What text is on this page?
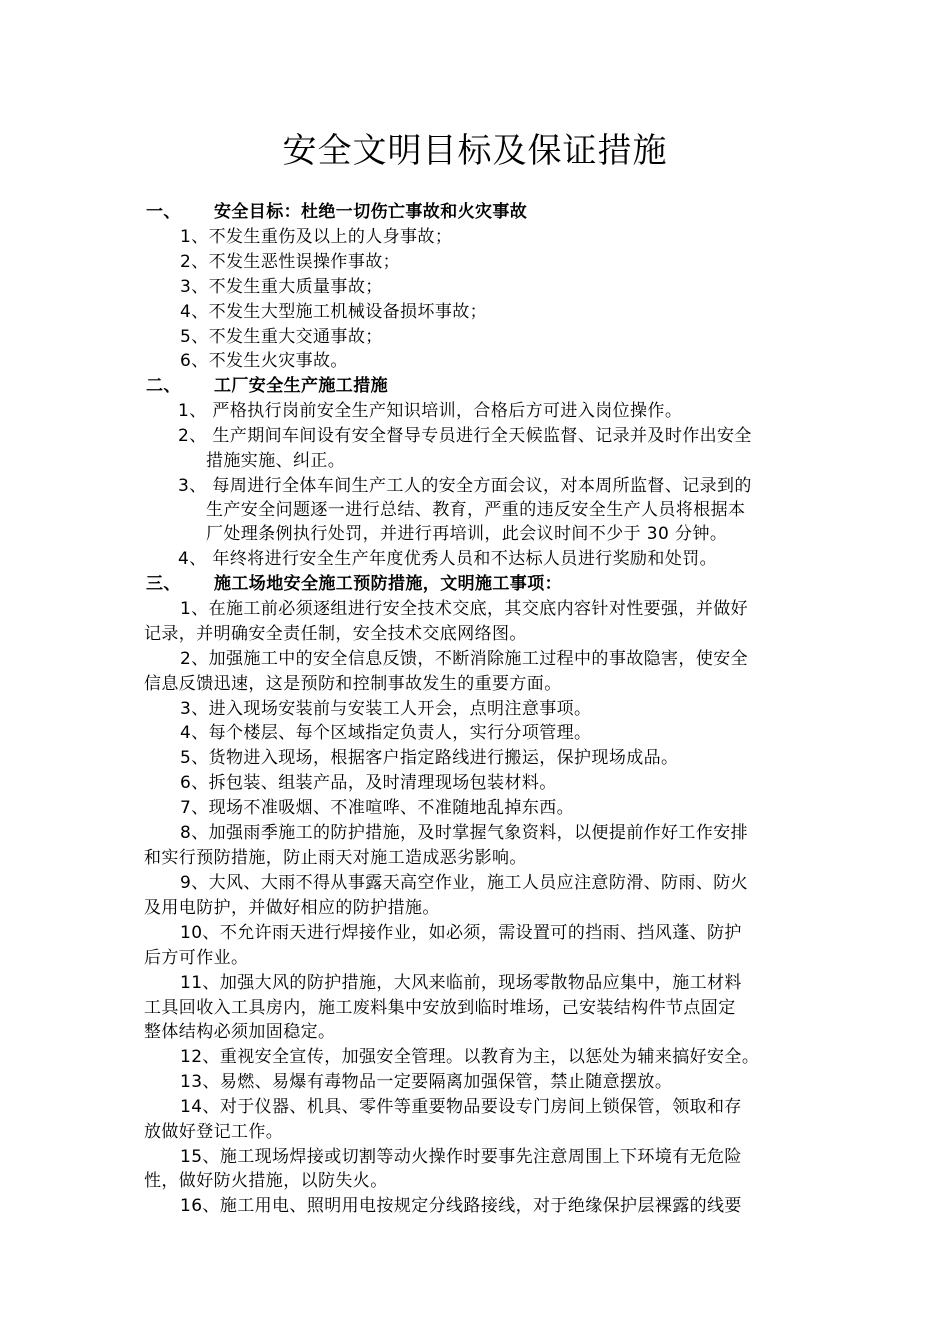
安全文明目标及保证措施
一、 安全目标：杜绝一切伤亡事故和火灾事故
1、不发生重伤及以上的人身事故；
2、不发生恶性误操作事故；
3、不发生重大质量事故；
4、不发生大型施工机械设备损坏事故；
5、不发生重大交通事故；
6、不发生火灾事故。
二、 工厂安全生产施工措施
1、 严格执行岗前安全生产知识培训，合格后方可进入岗位操作。
2、 生产期间车间设有安全督导专员进行全天候监督、记录并及时作出安全
措施实施、纠正。
3、 每周进行全体车间生产工人的安全方面会议，对本周所监督、记录到的
生产安全问题逐一进行总结、教育，严重的违反安全生产人员将根据本
厂处理条例执行处罚，并进行再培训，此会议时间不少于 30 分钟。
4、 年终将进行安全生产年度优秀人员和不达标人员进行奖励和处罚。
三、 施工场地安全施工预防措施，文明施工事项：
1、在施工前必须逐组进行安全技术交底，其交底内容针对性要强，并做好
记录，并明确安全责任制，安全技术交底网络图。
2、加强施工中的安全信息反馈，不断消除施工过程中的事故隐害，使安全
信息反馈迅速，这是预防和控制事故发生的重要方面。
3、进入现场安装前与安装工人开会，点明注意事项。
4、每个楼层、每个区域指定负责人，实行分项管理。
5、货物进入现场，根据客户指定路线进行搬运，保护现场成品。
6、拆包装、组装产品，及时清理现场包装材料。
7、现场不准吸烟、不准喧哗、不准随地乱掉东西。
8、加强雨季施工的防护措施，及时掌握气象资料，以便提前作好工作安排
和实行预防措施，防止雨天对施工造成恶劣影响。
9、大风、大雨不得从事露天高空作业，施工人员应注意防滑、防雨、防火
及用电防护，并做好相应的防护措施。
10、不允许雨天进行焊接作业，如必须，需设置可的挡雨、挡风蓬、防护
后方可作业。
11、加强大风的防护措施，大风来临前，现场零散物品应集中，施工材料
工具回收入工具房内，施工废料集中安放到临时堆场，己安装结构件节点固定
整体结构必须加固稳定。
12、重视安全宣传，加强安全管理。以教育为主，以惩处为辅来搞好安全。
13、易燃、易爆有毒物品一定要隔离加强保管，禁止随意摆放。
14、对于仪器、机具、零件等重要物品要设专门房间上锁保管，领取和存
放做好登记工作。
15、施工现场焊接或切割等动火操作时要事先注意周围上下环境有无危险
性，做好防火措施，以防失火。
16、施工用电、照明用电按规定分线路接线，对于绝缘保护层裸露的线要
